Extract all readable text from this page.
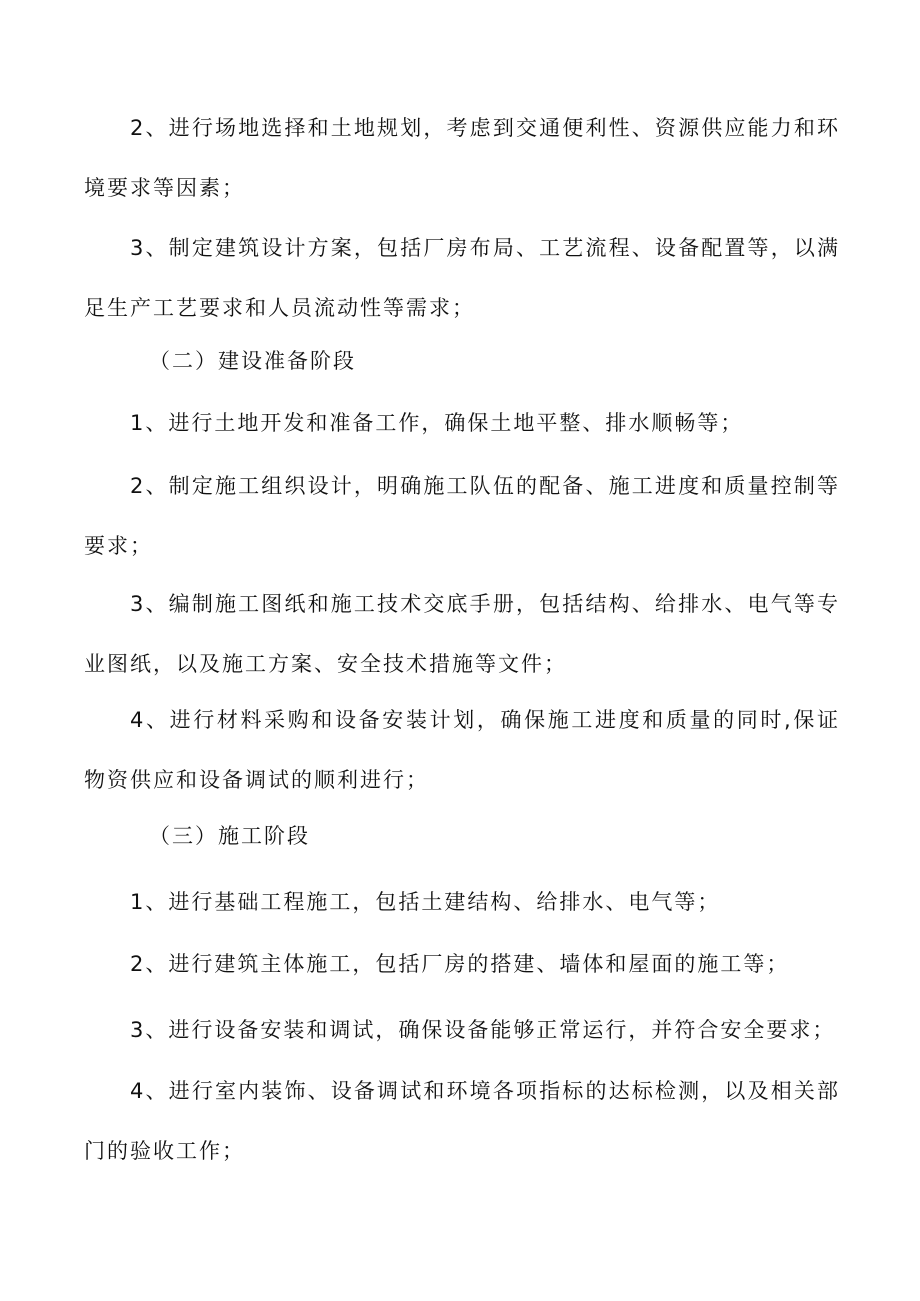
2、进行场地选择和土地规划，考虑到交通便利性、资源供应能力和环境要求等因素；

3、制定建筑设计方案，包括厂房布局、工艺流程、设备配置等，以满足生产工艺要求和人员流动性等需求；

（二）建设准备阶段

1、进行土地开发和准备工作，确保土地平整、排水顺畅等；

2、制定施工组织设计，明确施工队伍的配备、施工进度和质量控制等要求；

3、编制施工图纸和施工技术交底手册，包括结构、给排水、电气等专业图纸，以及施工方案、安全技术措施等文件；

4、进行材料采购和设备安装计划，确保施工进度和质量的同时,保证物资供应和设备调试的顺利进行；

（三）施工阶段

1、进行基础工程施工，包括土建结构、给排水、电气等；

2、进行建筑主体施工，包括厂房的搭建、墙体和屋面的施工等；

3、进行设备安装和调试，确保设备能够正常运行，并符合安全要求；

4、进行室内装饰、设备调试和环境各项指标的达标检测，以及相关部门的验收工作；
